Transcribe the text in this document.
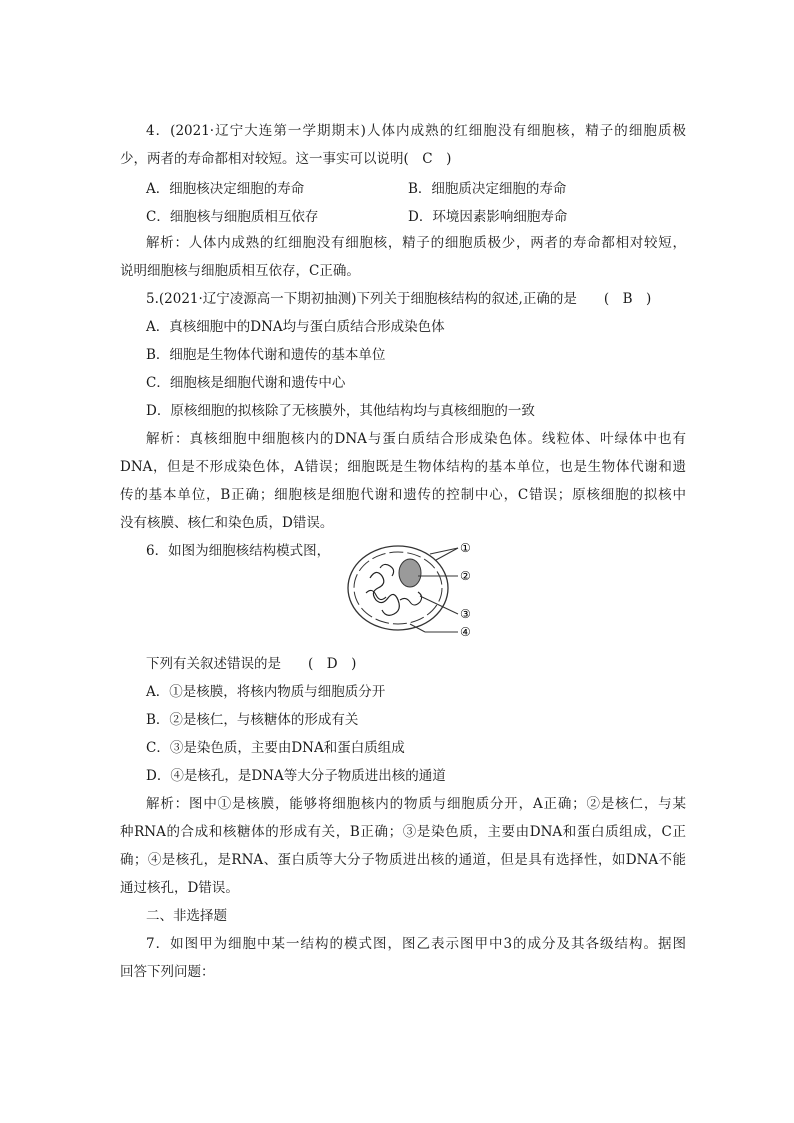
4．(2021·辽宁大连第一学期期末)人体内成熟的红细胞没有细胞核，精子的细胞质极
少，两者的寿命都相对较短。这一事实可以说明(　C　)
A．细胞核决定细胞的寿命	B．细胞质决定细胞的寿命
C．细胞核与细胞质相互依存	D．环境因素影响细胞寿命
解析：人体内成熟的红细胞没有细胞核，精子的细胞质极少，两者的寿命都相对较短，
说明细胞核与细胞质相互依存，C正确。
5.(2021·辽宁凌源高一下期初抽测)下列关于细胞核结构的叙述,正确的是　　(　B　)
A．真核细胞中的DNA均与蛋白质结合形成染色体
B．细胞是生物体代谢和遗传的基本单位
C．细胞核是细胞代谢和遗传中心
D．原核细胞的拟核除了无核膜外，其他结构均与真核细胞的一致
解析：真核细胞中细胞核内的DNA与蛋白质结合形成染色体。线粒体、叶绿体中也有
DNA，但是不形成染色体，A错误；细胞既是生物体结构的基本单位，也是生物体代谢和遗
传的基本单位，B正确；细胞核是细胞代谢和遗传的控制中心，C错误；原核细胞的拟核中
没有核膜、核仁和染色质，D错误。
6．如图为细胞核结构模式图，	①
②
③
④
下列有关叙述错误的是　　(　D　)
A．①是核膜，将核内物质与细胞质分开
B．②是核仁，与核糖体的形成有关
C．③是染色质，主要由DNA和蛋白质组成
D．④是核孔，是DNA等大分子物质进出核的通道
解析：图中①是核膜，能够将细胞核内的物质与细胞质分开，A正确；②是核仁，与某
种RNA的合成和核糖体的形成有关，B正确；③是染色质，主要由DNA和蛋白质组成，C正
确；④是核孔，是RNA、蛋白质等大分子物质进出核的通道，但是具有选择性，如DNA不能
通过核孔，D错误。
二、非选择题
7．如图甲为细胞中某一结构的模式图，图乙表示图甲中3的成分及其各级结构。据图
回答下列问题：
